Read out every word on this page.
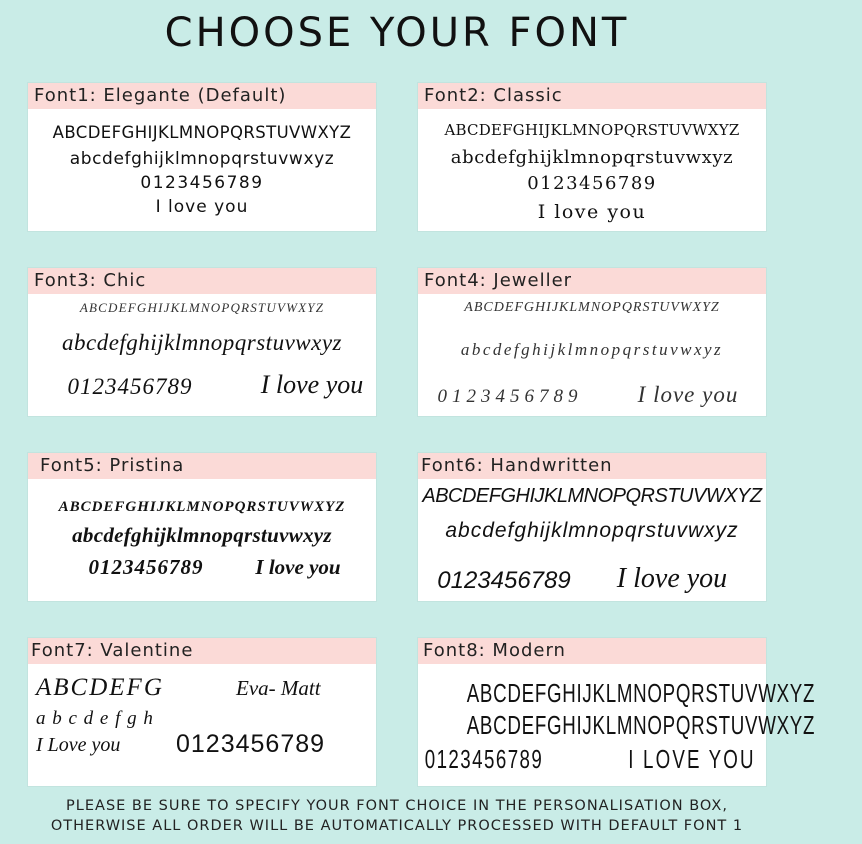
CHOOSE YOUR FONT
Font1: Elegante (Default)
ABCDEFGHIJKLMNOPQRSTUVWXYZ
abcdefghijklmnopqrstuvwxyz
0123456789
I love you
Font2: Classic
ABCDEFGHIJKLMNOPQRSTUVWXYZ
abcdefghijklmnopqrstuvwxyz
0123456789
I love you
Font3: Chic
ABCDEFGHIJKLMNOPQRSTUVWXYZ
abcdefghijklmnopqrstuvwxyz
0123456789	I love you
Font4: Jeweller
ABCDEFGHIJKLMNOPQRSTUVWXYZ
abcdefghijklmnopqrstuvwxyz
0123456789	I love you
Font5: Pristina
ABCDEFGHIJKLMNOPQRSTUVWXYZ
abcdefghijklmnopqrstuvwxyz
0123456789	I love you
Font6: Handwritten
ABCDEFGHIJKLMNOPQRSTUVWXYZ
abcdefghijklmnopqrstuvwxyz
0123456789	I love you
Font7: Valentine
ABCDEFG	Eva- Matt
a b c d e f g h
I Love you 0123456789
Font8: Modern
ABCDEFGHIJKLMNOPQRSTUVWXYZ
ABCDEFGHIJKLMNOPQRSTUVWXYZ
0123456789	I LOVE YOU
PLEASE BE SURE TO SPECIFY YOUR FONT CHOICE IN THE PERSONALISATION BOX,
OTHERWISE ALL ORDER WILL BE AUTOMATICALLY PROCESSED WITH DEFAULT FONT 1
